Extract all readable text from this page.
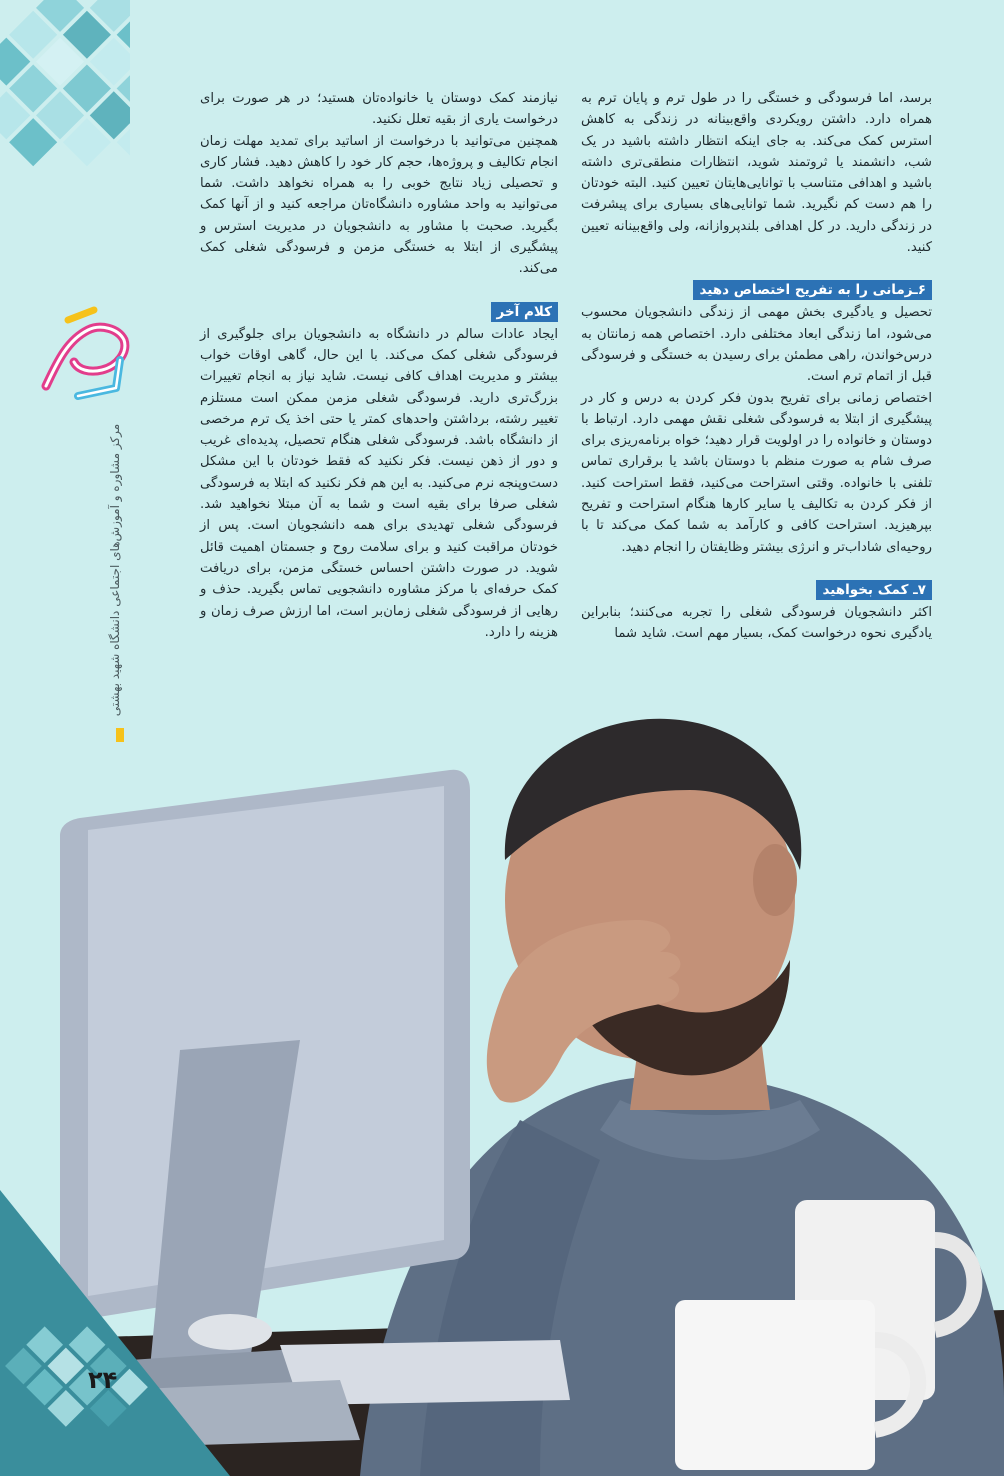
مرکز مشاوره و آموزش‌های اجتماعی دانشگاه شهید بهشتی

برسد، اما فرسودگی و خستگی را در طول ترم و پایان ترم به همراه دارد. داشتن رویکردی واقع‌بینانه در زندگی به کاهش استرس کمک می‌کند. به جای اینکه انتظار داشته باشید در یک شب، دانشمند یا ثروتمند شوید، انتظارات منطقی‌تری داشته باشید و اهدافی متناسب با توانایی‌هایتان تعیین کنید. البته خودتان را هم دست کم نگیرید. شما توانایی‌های بسیاری برای پیشرفت در زندگی دارید. در کل اهدافی بلندپروازانه، ولی واقع‌بینانه تعیین کنید.

۶ـزمانی را به تفریح اختصاص دهید

تحصیل و یادگیری بخش مهمی از زندگی دانشجویان محسوب می‌شود، اما زندگی ابعاد مختلفی دارد. اختصاص همه زمانتان به درس‌خواندن، راهی مطمئن برای رسیدن به خستگی و فرسودگی قبل از اتمام ترم است.

اختصاص زمانی برای تفریح بدون فکر کردن به درس و کار در پیشگیری از ابتلا به فرسودگی شغلی نقش مهمی دارد. ارتباط با دوستان و خانواده را در اولویت قرار دهید؛ خواه برنامه‌ریزی برای صرف شام به صورت منظم با دوستان باشد یا برقراری تماس تلفنی با خانواده. وقتی استراحت می‌کنید، فقط استراحت کنید. از فکر کردن به تکالیف یا سایر کارها هنگام استراحت و تفریح بپرهیزید. استراحت کافی و کارآمد به شما کمک می‌کند تا با روحیه‌ای شاداب‌تر و انرژی بیشتر وظایفتان را انجام دهید.

۷ـ کمک بخواهید

اکثر دانشجویان فرسودگی شغلی را تجربه می‌کنند؛ بنابراین یادگیری نحوه درخواست کمک، بسیار مهم است. شاید شما

نیازمند کمک دوستان یا خانواده‌تان هستید؛ در هر صورت برای درخواست یاری از بقیه تعلل نکنید.

همچنین می‌توانید با درخواست از اساتید برای تمدید مهلت زمان انجام تکالیف و پروژه‌ها، حجم کار خود را کاهش دهید. فشار کاری و تحصیلی زیاد نتایج خوبی را به همراه نخواهد داشت. شما می‌توانید به واحد مشاوره دانشگاه‌تان مراجعه کنید و از آنها کمک بگیرید. صحبت با مشاور به دانشجویان در مدیریت استرس و پیشگیری از ابتلا به خستگی مزمن و فرسودگی شغلی کمک می‌کند.

کلام آخر

ایجاد عادات سالم در دانشگاه به دانشجویان برای جلوگیری از فرسودگی شغلی کمک می‌کند. با این حال، گاهی اوقات خواب بیشتر و مدیریت اهداف کافی نیست. شاید نیاز به انجام تغییرات بزرگ‌تری دارید. فرسودگی شغلی مزمن ممکن است مستلزم تغییر رشته، برداشتن واحدهای کمتر یا حتی اخذ یک ترم مرخصی از دانشگاه باشد. فرسودگی شغلی هنگام تحصیل، پدیده‌ای غریب و دور از ذهن نیست. فکر نکنید که فقط خودتان با این مشکل دست‌وپنجه نرم می‌کنید. به این هم فکر نکنید که ابتلا به فرسودگی شغلی صرفا برای بقیه است و شما به آن مبتلا نخواهید شد. فرسودگی شغلی تهدیدی برای همه دانشجویان است. پس از خودتان مراقبت کنید و برای سلامت روح و جسمتان اهمیت قائل شوید. در صورت داشتن احساس خستگی مزمن، برای دریافت کمک حرفه‌ای با مرکز مشاوره دانشجویی تماس بگیرید. حذف و رهایی از فرسودگی شغلی زمان‌بر است، اما ارزش صرف زمان و هزینه را دارد.

۲۴
